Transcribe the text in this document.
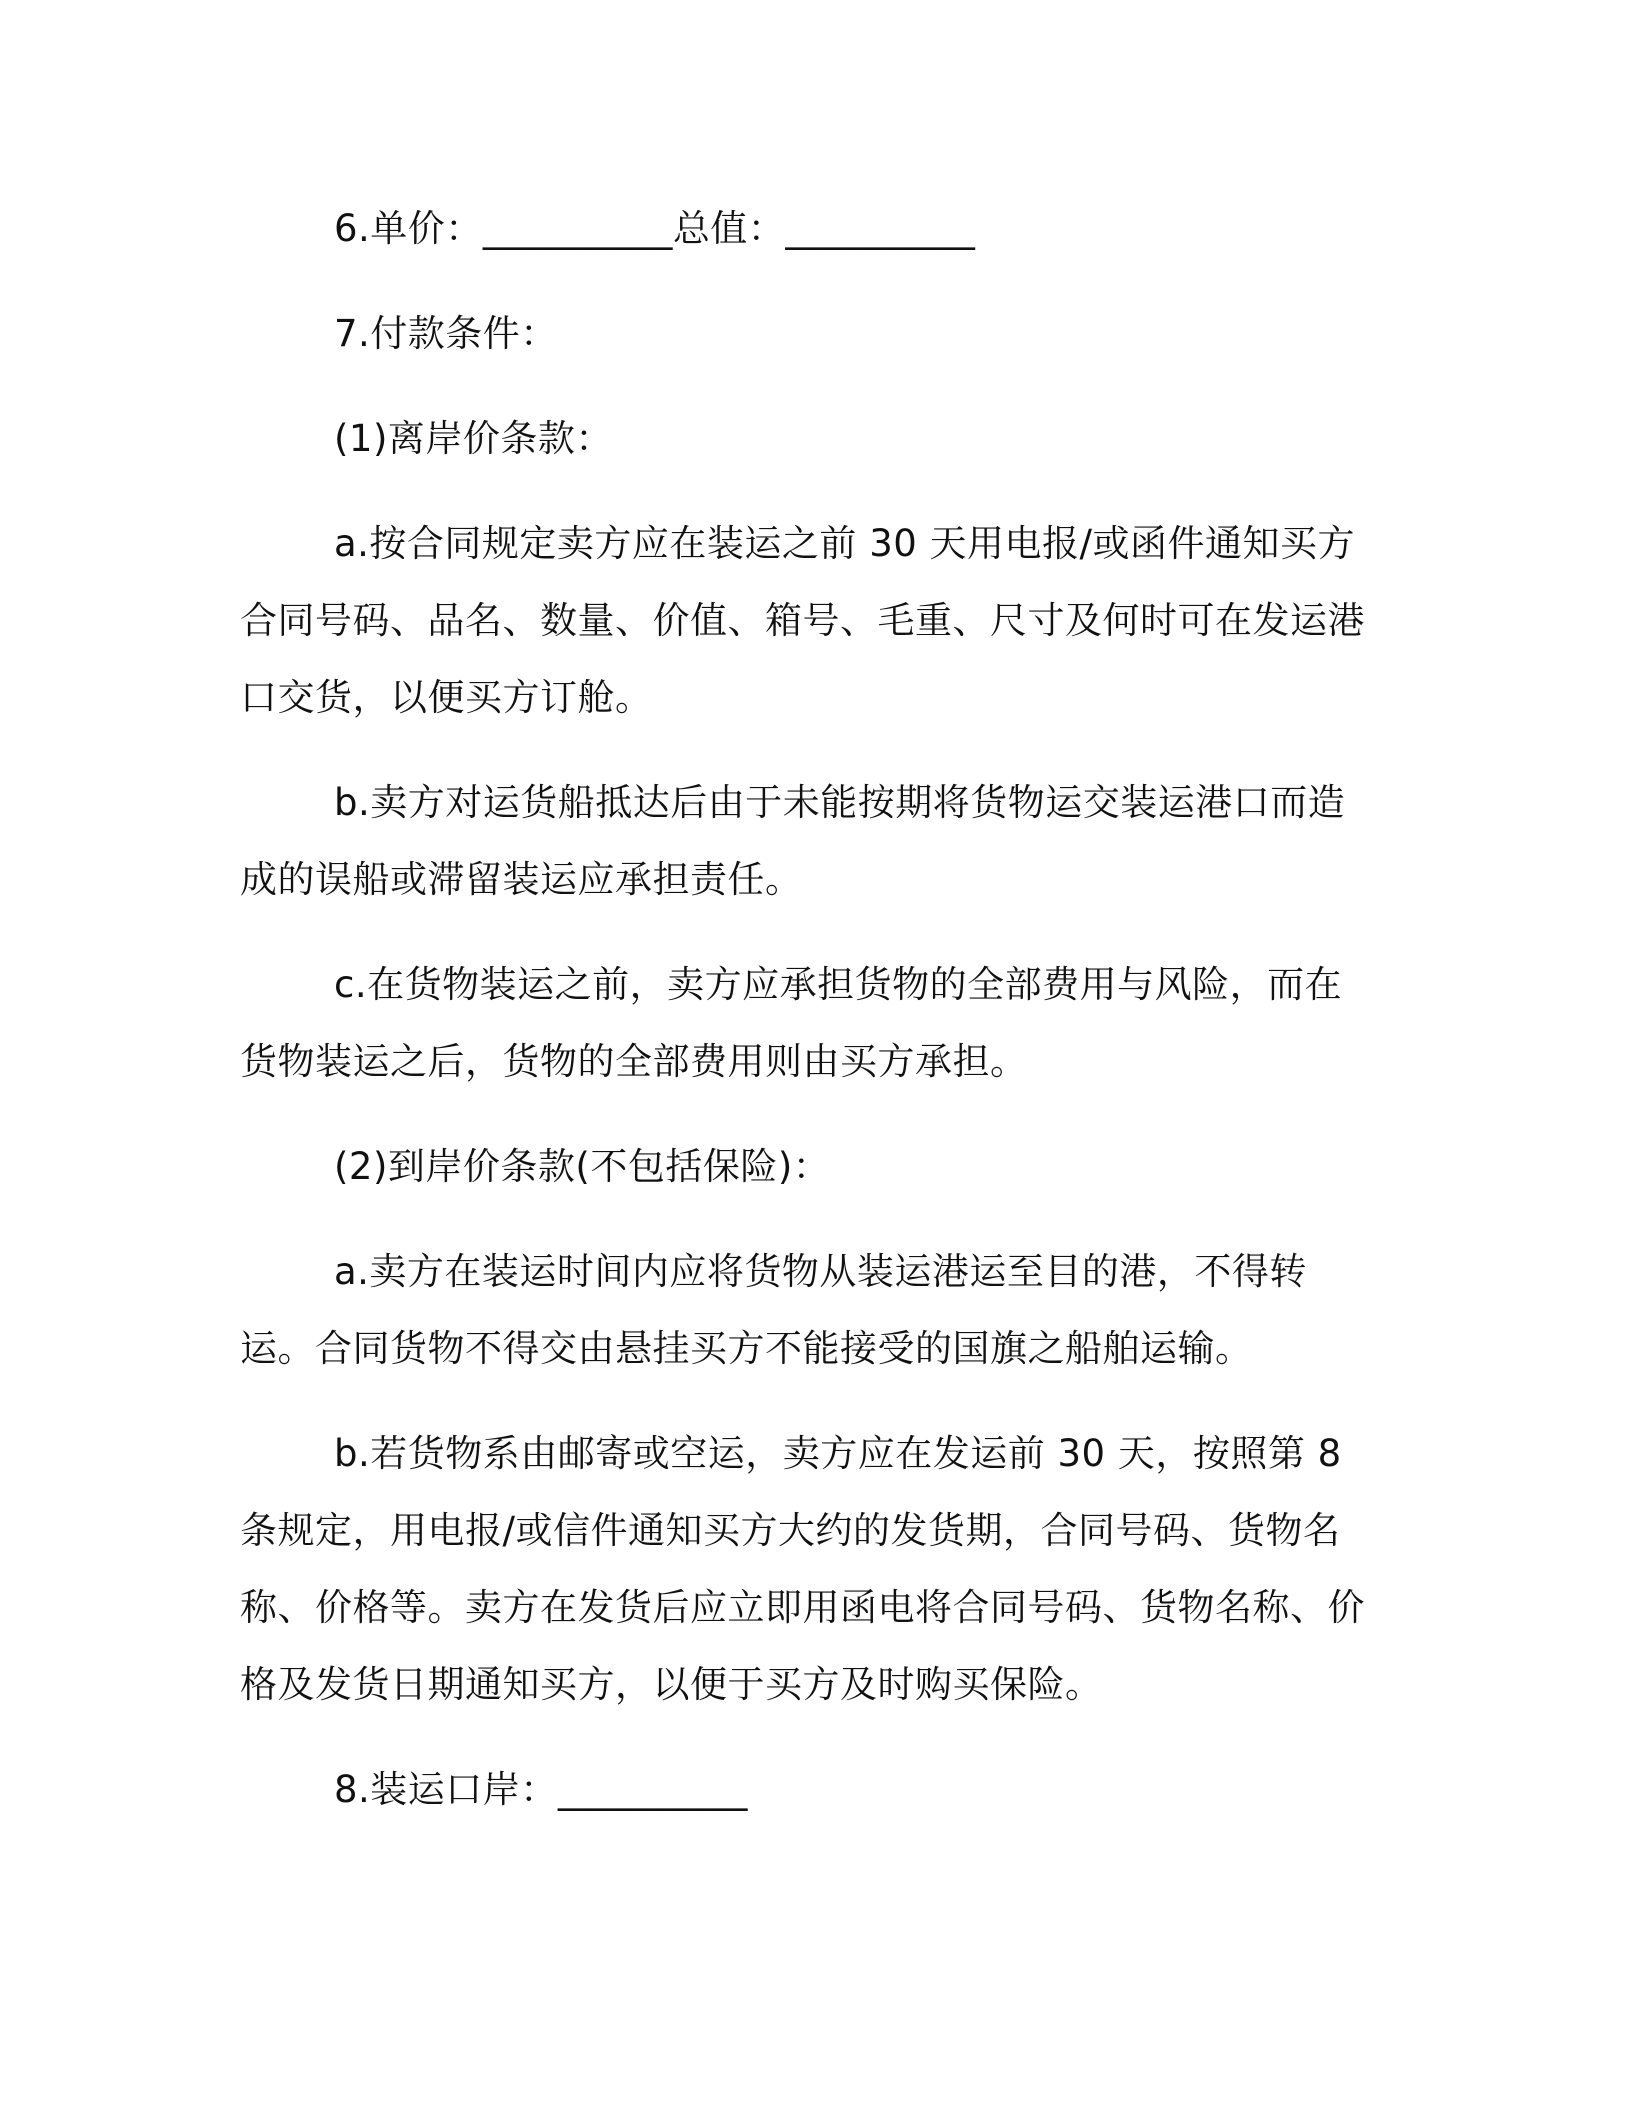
6.单价：__________总值：__________

7.付款条件：

(1)离岸价条款：

a.按合同规定卖方应在装运之前 30 天用电报/或函件通知买方合同号码、品名、数量、价值、箱号、毛重、尺寸及何时可在发运港口交货，以便买方订舱。

b.卖方对运货船抵达后由于未能按期将货物运交装运港口而造成的误船或滞留装运应承担责任。

c.在货物装运之前，卖方应承担货物的全部费用与风险，而在货物装运之后，货物的全部费用则由买方承担。

(2)到岸价条款(不包括保险)：

a.卖方在装运时间内应将货物从装运港运至目的港，不得转运。合同货物不得交由悬挂买方不能接受的国旗之船舶运输。

b.若货物系由邮寄或空运，卖方应在发运前 30 天，按照第 8 条规定，用电报/或信件通知买方大约的发货期，合同号码、货物名称、价格等。卖方在发货后应立即用函电将合同号码、货物名称、价格及发货日期通知买方，以便于买方及时购买保险。

8.装运口岸：__________
